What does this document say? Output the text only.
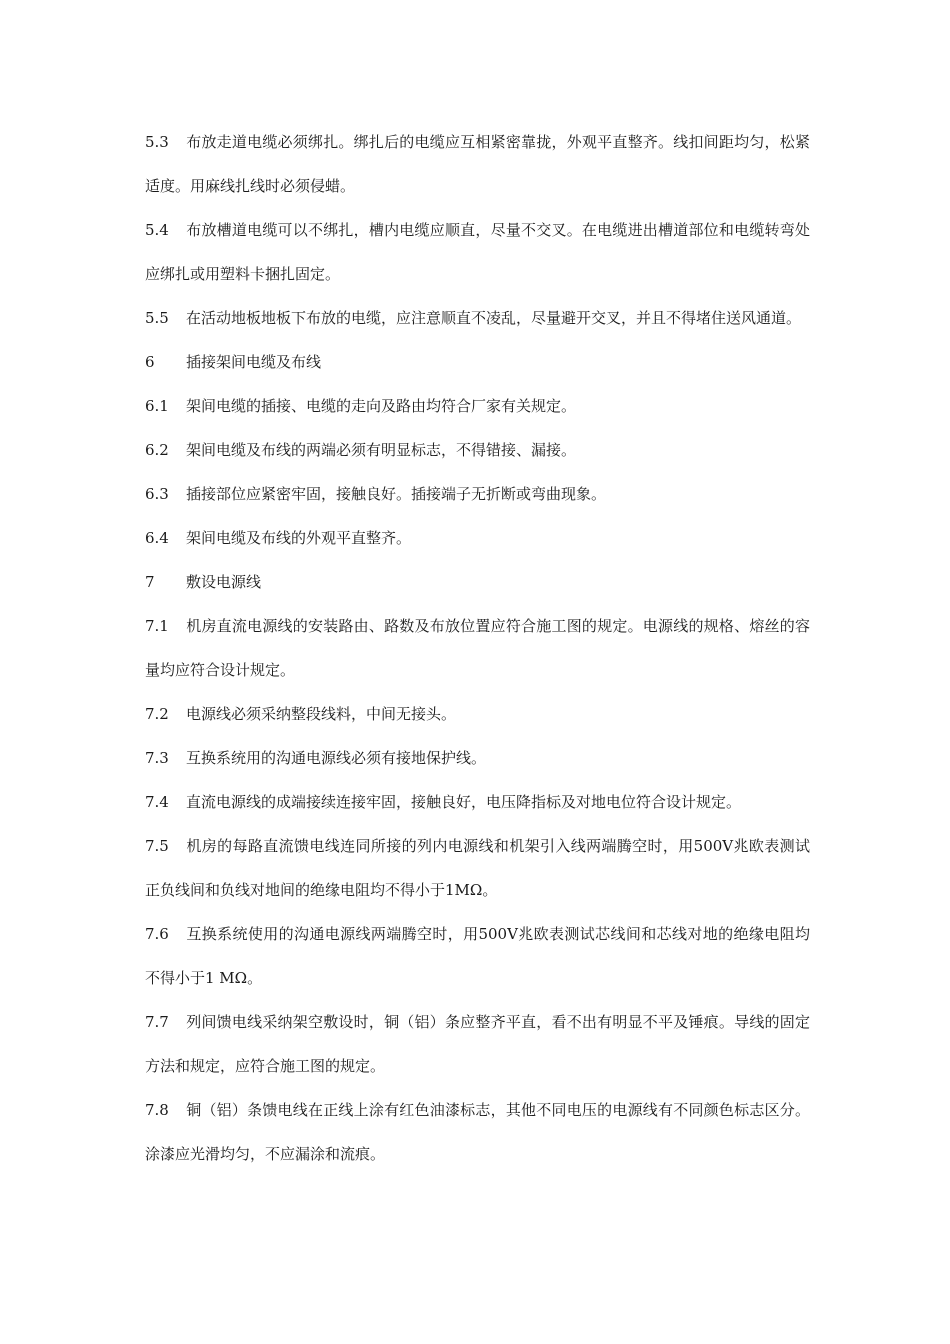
5.3 布放走道电缆必须绑扎。绑扎后的电缆应互相紧密靠拢，外观平直整齐。线扣间距均匀，松紧适度。用麻线扎线时必须侵蜡。

5.4 布放槽道电缆可以不绑扎，槽内电缆应顺直，尽量不交叉。在电缆进出槽道部位和电缆转弯处应绑扎或用塑料卡捆扎固定。

5.5 在活动地板地板下布放的电缆，应注意顺直不凌乱，尽量避开交叉，并且不得堵住送风通道。

6 插接架间电缆及布线

6.1 架间电缆的插接、电缆的走向及路由均符合厂家有关规定。

6.2 架间电缆及布线的两端必须有明显标志，不得错接、漏接。

6.3 插接部位应紧密牢固，接触良好。插接端子无折断或弯曲现象。

6.4 架间电缆及布线的外观平直整齐。

7 敷设电源线

7.1 机房直流电源线的安装路由、路数及布放位置应符合施工图的规定。电源线的规格、熔丝的容量均应符合设计规定。

7.2 电源线必须采纳整段线料，中间无接头。

7.3 互换系统用的沟通电源线必须有接地保护线。

7.4 直流电源线的成端接续连接牢固，接触良好，电压降指标及对地电位符合设计规定。

7.5 机房的每路直流馈电线连同所接的列内电源线和机架引入线两端腾空时，用500V兆欧表测试正负线间和负线对地间的绝缘电阻均不得小于1MΩ。

7.6 互换系统使用的沟通电源线两端腾空时，用500V兆欧表测试芯线间和芯线对地的绝缘电阻均不得小于1 MΩ。

7.7 列间馈电线采纳架空敷设时，铜（铝）条应整齐平直，看不出有明显不平及锤痕。导线的固定方法和规定，应符合施工图的规定。

7.8 铜（铝）条馈电线在正线上涂有红色油漆标志，其他不同电压的电源线有不同颜色标志区分。涂漆应光滑均匀，不应漏涂和流痕。
